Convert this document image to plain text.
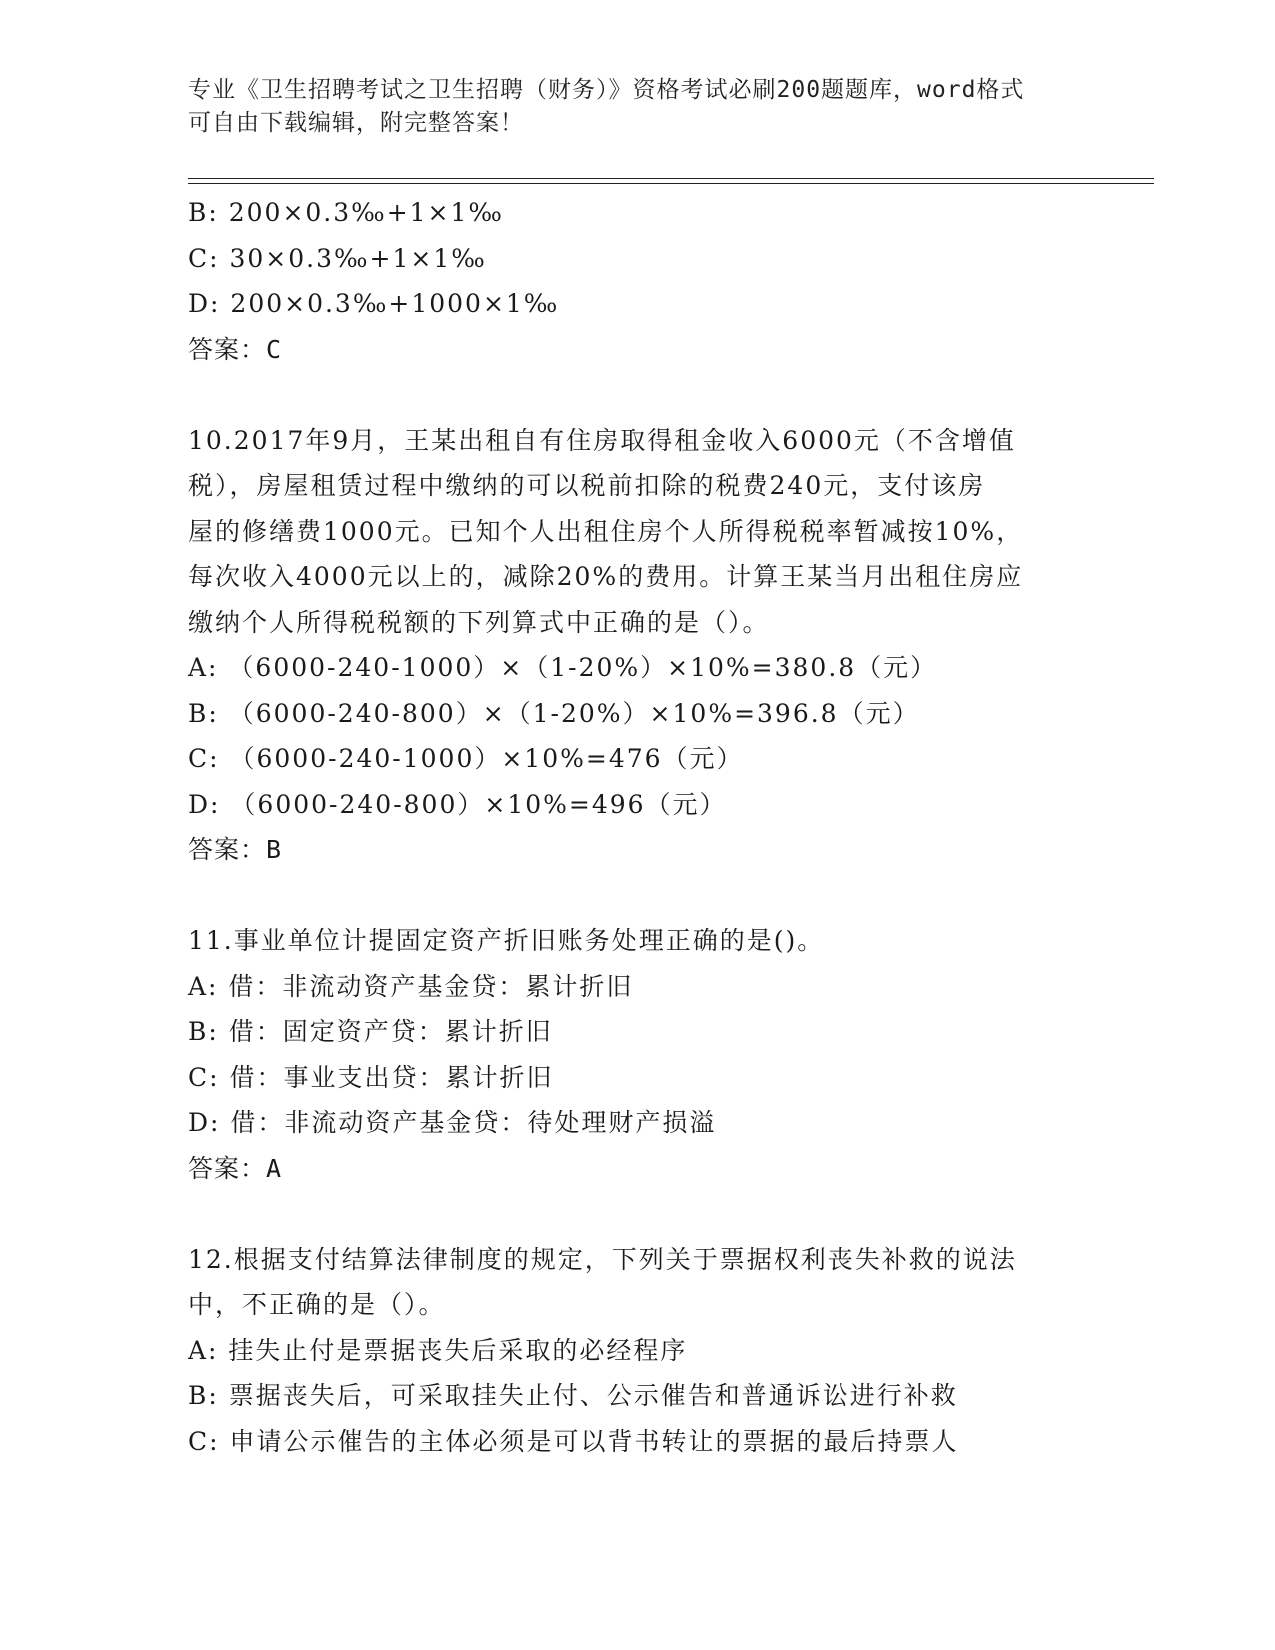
专业《卫生招聘考试之卫生招聘（财务）》资格考试必刷200题题库，word格式
可自由下载编辑，附完整答案！
B: 200×0.3‰+1×1‰
C: 30×0.3‰+1×1‰
D: 200×0.3‰+1000×1‰
答案：C
10.2017年9月，王某出租自有住房取得租金收入6000元（不含增值
税），房屋租赁过程中缴纳的可以税前扣除的税费240元，支付该房
屋的修缮费1000元。已知个人出租住房个人所得税税率暂减按10%，
每次收入4000元以上的，减除20%的费用。计算王某当月出租住房应
缴纳个人所得税税额的下列算式中正确的是（）。
A: （6000-240-1000）×（1-20%）×10%=380.8（元）
B: （6000-240-800）×（1-20%）×10%=396.8（元）
C: （6000-240-1000）×10%=476（元）
D: （6000-240-800）×10%=496（元）
答案：B
11.事业单位计提固定资产折旧账务处理正确的是()。
A: 借：非流动资产基金贷：累计折旧
B: 借：固定资产贷：累计折旧
C: 借：事业支出贷：累计折旧
D: 借：非流动资产基金贷：待处理财产损溢
答案：A
12.根据支付结算法律制度的规定，下列关于票据权利丧失补救的说法
中，不正确的是（）。
A: 挂失止付是票据丧失后采取的必经程序
B: 票据丧失后，可采取挂失止付、公示催告和普通诉讼进行补救
C: 申请公示催告的主体必须是可以背书转让的票据的最后持票人
